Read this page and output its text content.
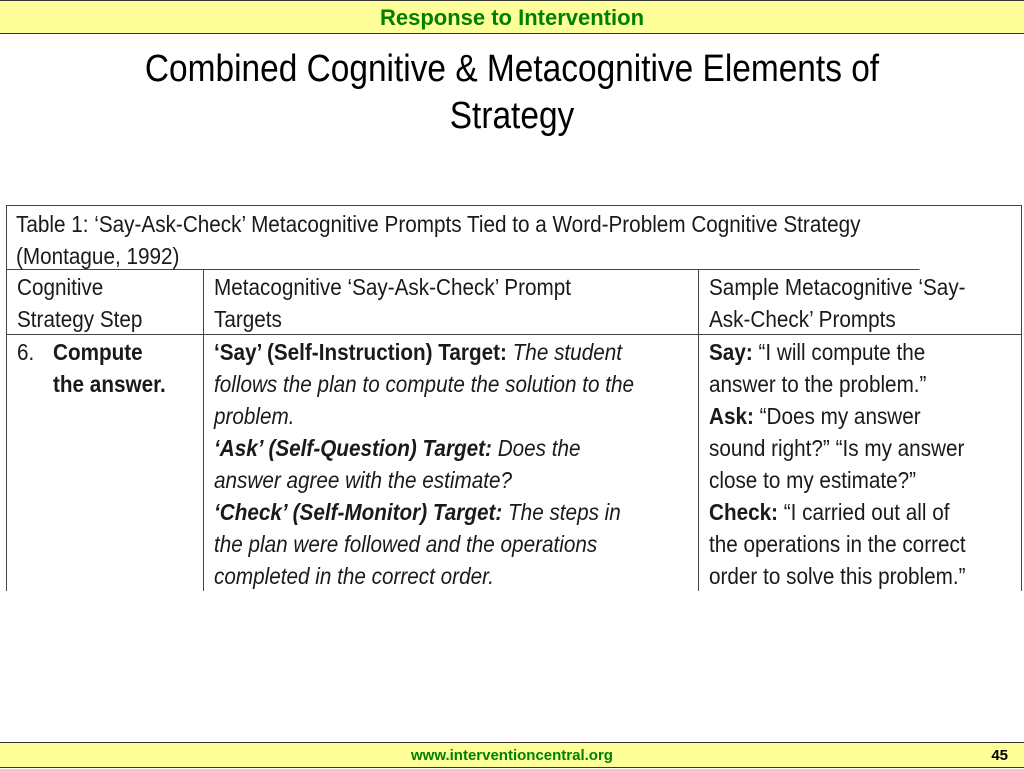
Response to Intervention
Combined Cognitive & Metacognitive Elements of
Strategy
Table 1: ‘Say-Ask-Check’ Metacognitive Prompts Tied to a Word-Problem Cognitive Strategy
(Montague, 1992)
Cognitive
Strategy Step
Metacognitive ‘Say-Ask-Check’ Prompt
Targets
Sample Metacognitive ‘Say-
Ask-Check’ Prompts
6. Compute
the answer.
‘Say’ (Self-Instruction) Target: The student
follows the plan to compute the solution to the
problem.
‘Ask’ (Self-Question) Target: Does the
answer agree with the estimate?
‘Check’ (Self-Monitor) Target: The steps in
the plan were followed and the operations
completed in the correct order.
Say: “I will compute the
answer to the problem.”
Ask: “Does my answer
sound right?” “Is my answer
close to my estimate?”
Check: “I carried out all of
the operations in the correct
order to solve this problem.”
www.interventioncentral.org	45
